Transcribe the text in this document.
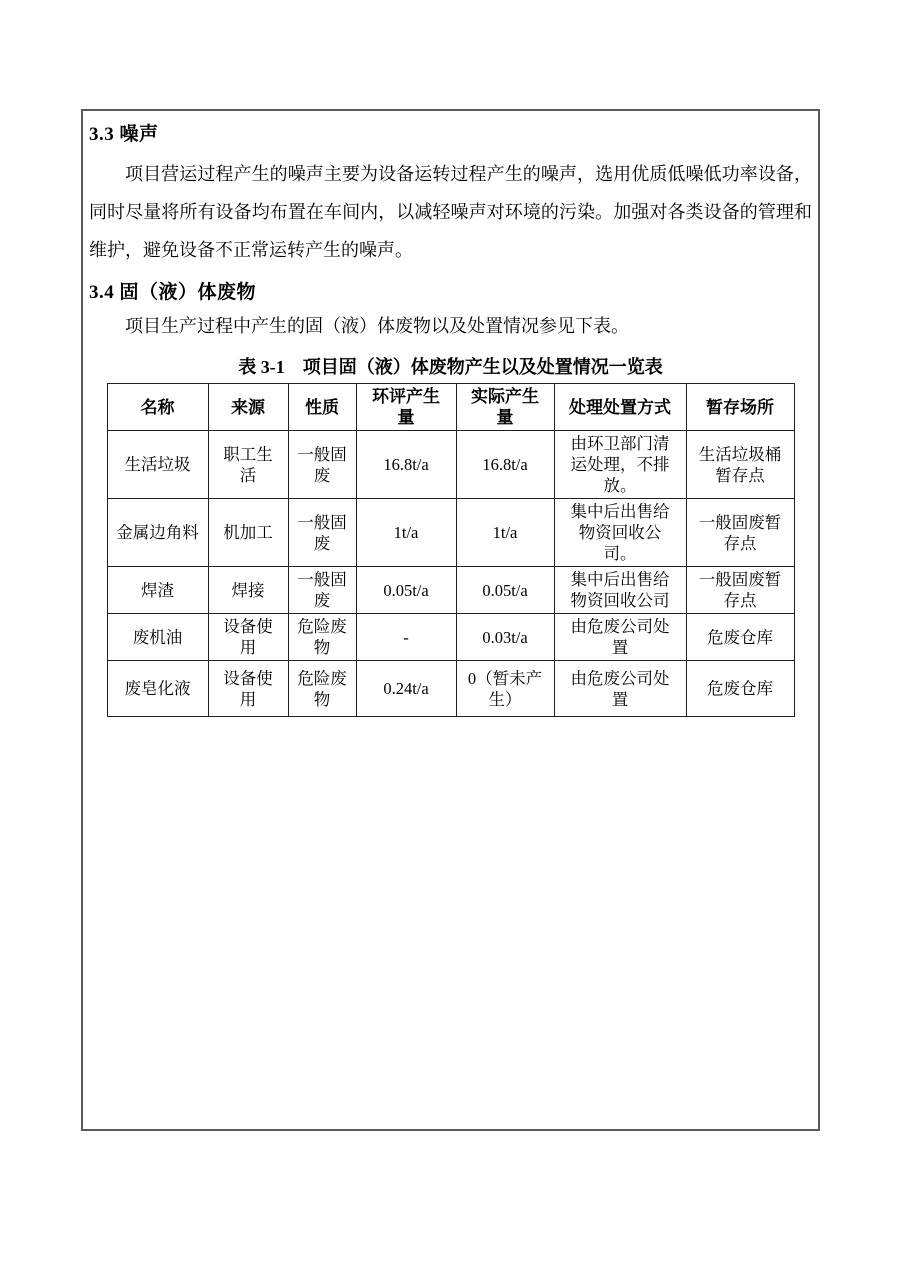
3.3 噪声

项目营运过程产生的噪声主要为设备运转过程产生的噪声，选用优质低噪低功率设备，同时尽量将所有设备均布置在车间内，以减轻噪声对环境的污染。加强对各类设备的管理和维护，避免设备不正常运转产生的噪声。

3.4 固（液）体废物

项目生产过程中产生的固（液）体废物以及处置情况参见下表。

表 3-1　项目固（液）体废物产生以及处置情况一览表
名称	来源	性质	环评产生量	实际产生量	处理处置方式	暂存场所
生活垃圾	职工生活	一般固废	16.8t/a	16.8t/a	由环卫部门清运处理，不排放。	生活垃圾桶暂存点
金属边角料	机加工	一般固废	1t/a	1t/a	集中后出售给物资回收公司。	一般固废暂存点
焊渣	焊接	一般固废	0.05t/a	0.05t/a	集中后出售给物资回收公司	一般固废暂存点
废机油	设备使用	危险废物	-	0.03t/a	由危废公司处置	危废仓库
废皂化液	设备使用	危险废物	0.24t/a	0（暂未产生）	由危废公司处置	危废仓库
